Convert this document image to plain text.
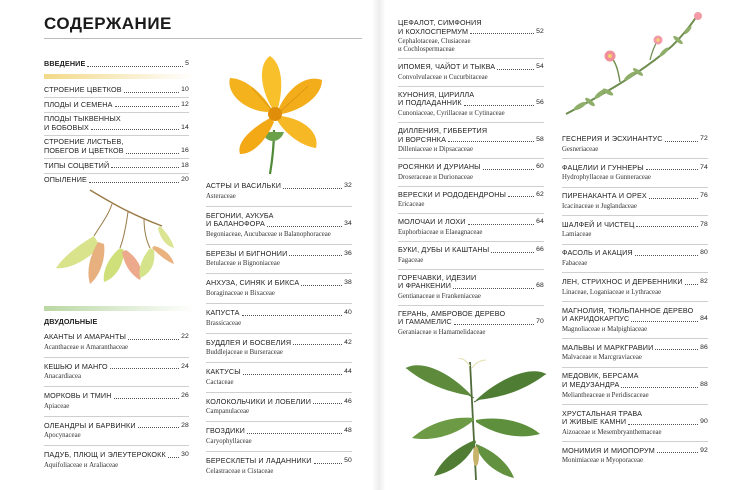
СОДЕРЖАНИЕ
ВВЕДЕНИЕ	5
СТРОЕНИЕ ЦВЕТКОВ	10
ПЛОДЫ И СЕМЕНА	12
ПЛОДЫ ТЫКВЕННЫХ
И БОБОВЫХ	14
СТРОЕНИЕ ЛИСТЬЕВ,
ПОБЕГОВ И ЦВЕТКОВ	16
ТИПЫ СОЦВЕТИЙ	18
ОПЫЛЕНИЕ	20
ДВУДОЛЬНЫЕ
АКАНТЫ И АМАРАНТЫ	22
Acanthaceae и Amaranthaceae
КЕШЬЮ И МАНГО	24
Anacardiacea
МОРКОВЬ И ТМИН	26
Apiaceae
ОЛЕАНДРЫ И БАРВИНКИ	28
Apocynaceae
ПАДУБ, ПЛЮЩ И ЭЛЕУТЕРОКОКК 30
Aquifoliaceae и Araliaceae
АСТРЫ И ВАСИЛЬКИ	32
Asteraceae
БЕГОНИИ, АУКУБА
И БАЛАНОФОРА	34
Begoniaceae, Aucubaceae и Balanophoraceae
БЕРЕЗЫ И БИГНОНИИ	36
Betulaceae и Bignoniaceae
АНХУЗА, СИНЯК И БИКСА	38
Boraginaceae и Bixaceae
КАПУСТА	40
Brassicaceae
БУДДЛЕЯ И БОСВЕЛИЯ	42
Buddlejaceae и Burseraceae
КАКТУСЫ	44
Cactaceae
КОЛОКОЛЬЧИКИ И ЛОБЕЛИИ	46
Campanulaceae
ГВОЗДИКИ	48
Caryophyllaceae
БЕРЕСКЛЕТЫ И ЛАДАННИКИ	50
Celastraceae и Cistaceae
ЦЕФАЛОТ, СИМФОНИЯ
И КОХЛОСПЕРМУМ	52
Cephalotaceae, Clusiaceae
и Cochlospermaceae
ИПОМЕЯ, ЧАЙОТ И ТЫКВА	54
Convolvulaceae и Cucurbitaceae
КУНОНИЯ, ЦИРИЛЛА
И ПОДЛАДАННИК	56
Cunoniaceae, Cyrillaceae и Cytinaceae
ДИЛЛЕНИЯ, ГИББЕРТИЯ
И ВОРСЯНКА	58
Dilleniaceae и Dipsacaceae
РОСЯНКИ И ДУРИАНЫ	60
Droseraceae и Durionaceae
ВЕРЕСКИ И РОДОДЕНДРОНЫ	62
Ericaceae
МОЛОЧАИ И ЛОХИ	64
Euphorbiaceae и Elaeagnaceae
БУКИ, ДУБЫ И КАШТАНЫ	66
Fagaceae
ГОРЕЧАВКИ, ИДЕЗИИ
И ФРАНКЕНИИ	68
Gentianaceae и Frankeniaceae
ГЕРАНЬ, АМБРОВОЕ ДЕРЕВО
И ГАМАМЕЛИС	70
Geraniaceae и Hamamelidaceae
ГЕСНЕРИЯ И ЭСХИНАНТУС	72
Gesneriaceae
ФАЦЕЛИИ И ГУННЕРЫ	74
Hydrophyllaceae и Gunneraceae
ПИРЕНАКАНТА И ОРЕХ	76
Icacinaceae и Juglandaceae
ШАЛФЕЙ И ЧИСТЕЦ	78
Lamiaceae
ФАСОЛЬ И АКАЦИЯ	80
Fabaceae
ЛЕН, СТРИХНОС И ДЕРБЕННИКИ	82
Linaceae, Loganiaceae и Lythraceae
МАГНОЛИЯ, ТЮЛЬПАННОЕ ДЕРЕВО
И АКРИДОКАРПУС	84
Magnoliaceae и Malpighiaceae
МАЛЬВЫ И МАРКГРАВИИ	86
Malvaceae и Marcgraviaceae
МЕДОВИК, БЕРСАМА
И МЕДУЗАНДРА	88
Meliantheaceae и Peridiscaceae
ХРУСТАЛЬНАЯ ТРАВА
И ЖИВЫЕ КАМНИ	90
Aizoaceae и Mesembryanthemaceae
МОНИМИЯ И МИОПОРУМ	92
Monimiaceae и Myoporaceae
